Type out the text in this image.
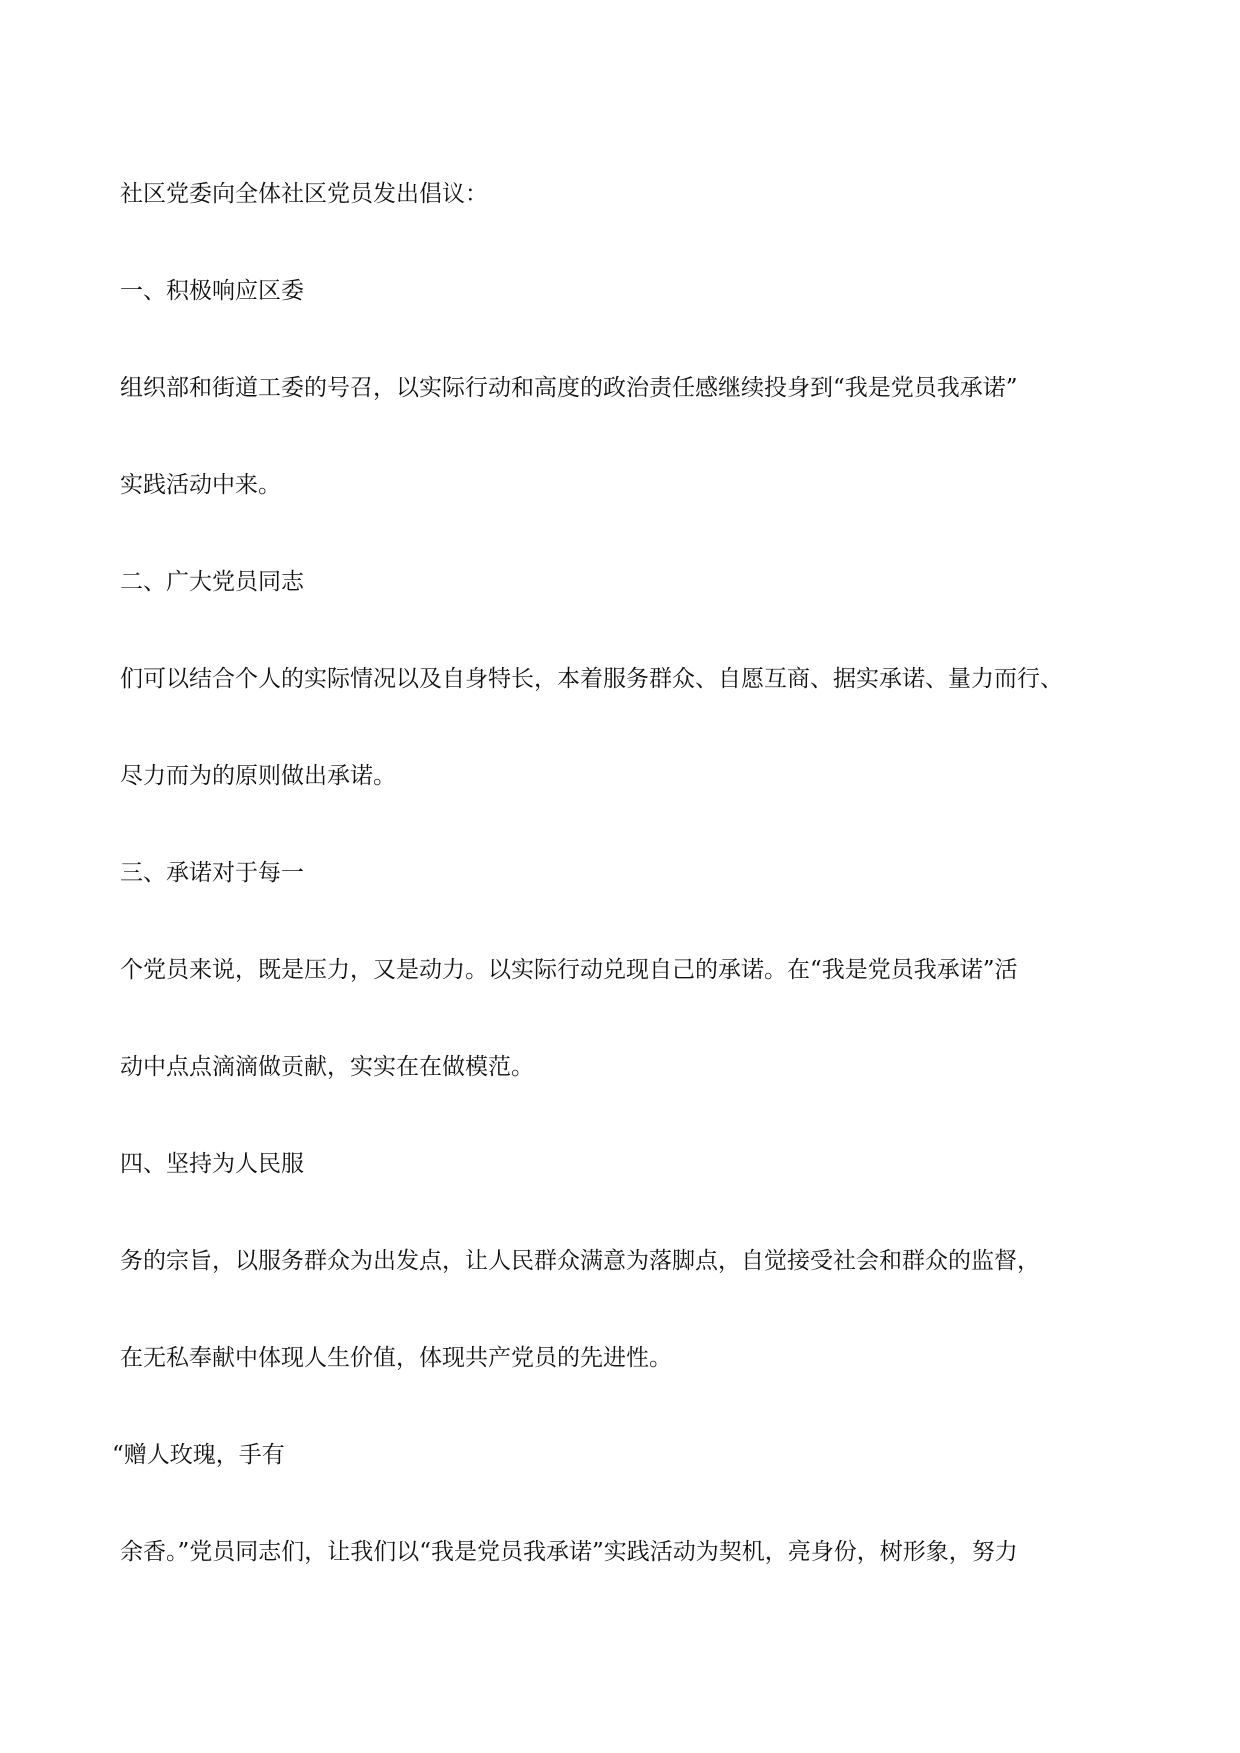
社区党委向全体社区党员发出倡议：

一、积极响应区委

组织部和街道工委的号召，以实际行动和高度的政治责任感继续投身到“我是党员我承诺”

实践活动中来。

二、广大党员同志

们可以结合个人的实际情况以及自身特长，本着服务群众、自愿互商、据实承诺、量力而行、

尽力而为的原则做出承诺。

三、承诺对于每一

个党员来说，既是压力，又是动力。以实际行动兑现自己的承诺。在“我是党员我承诺”活

动中点点滴滴做贡献，实实在在做模范。

四、坚持为人民服

务的宗旨，以服务群众为出发点，让人民群众满意为落脚点，自觉接受社会和群众的监督，

在无私奉献中体现人生价值，体现共产党员的先进性。

“赠人玫瑰，手有

余香。”党员同志们，让我们以“我是党员我承诺”实践活动为契机，亮身份，树形象，努力
